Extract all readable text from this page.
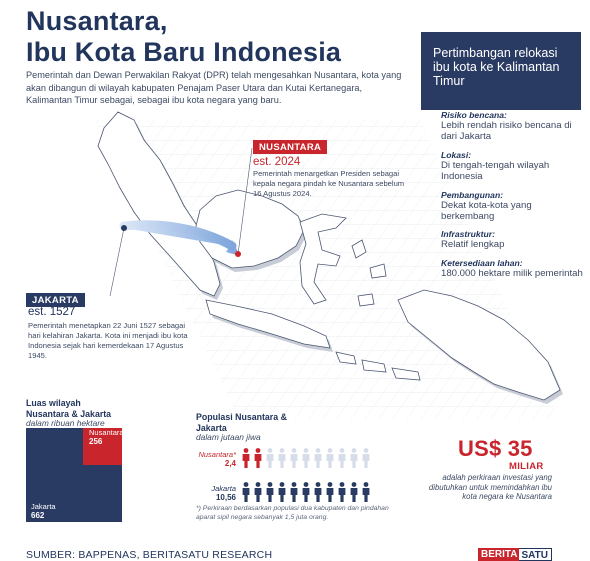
Nusantara,
Ibu Kota Baru Indonesia
Pemerintah dan Dewan Perwakilan Rakyat (DPR) telah mengesahkan Nusantara, kota yang akan dibangun di wilayah kabupaten Penajam Paser Utara dan Kutai Kertanegara, Kalimantan Timur sebagai, sebagai ibu kota negara yang baru.
Pertimbangan relokasi ibu kota ke Kalimantan Timur
Risiko bencana:
Lebih rendah risiko bencana di dari Jakarta
Lokasi:
Di tengah-tengah wilayah Indonesia
Pembangunan:
Dekat kota-kota yang berkembang
Infrastruktur:
Relatif lengkap
Ketersediaan lahan:
180.000 hektare milik pemerintah
NUSANTARA
est. 2024
Pemerintah menargetkan Presiden sebagai kepala negara pindah ke Nusantara sebelum 16 Agustus 2024.
JAKARTA
est. 1527
Pemerintah menetapkan 22 Juni 1527 sebagai hari kelahiran Jakarta. Kota ini menjadi ibu kota Indonesia sejak hari kemerdekaan 17 Agustus 1945.
Luas wilayah Nusantara & Jakarta
dalam ribuan hektare
Nusantara
256
Jakarta
662
Populasi Nusantara & Jakarta
dalam jutaan jiwa
Nusantara*
2,4
Jakarta
10,56
*) Perkiraan berdasarkan populasi dua kabupaten dan pindahan aparat sipil negara sebanyak 1,5 juta orang.
US$ 35
MILIAR
adalah perkiraan investasi yang dibutuhkan untuk memindahkan ibu kota negara ke Nusantara
SUMBER: BAPPENAS, BERITASATU RESEARCH	BERITA SATU
